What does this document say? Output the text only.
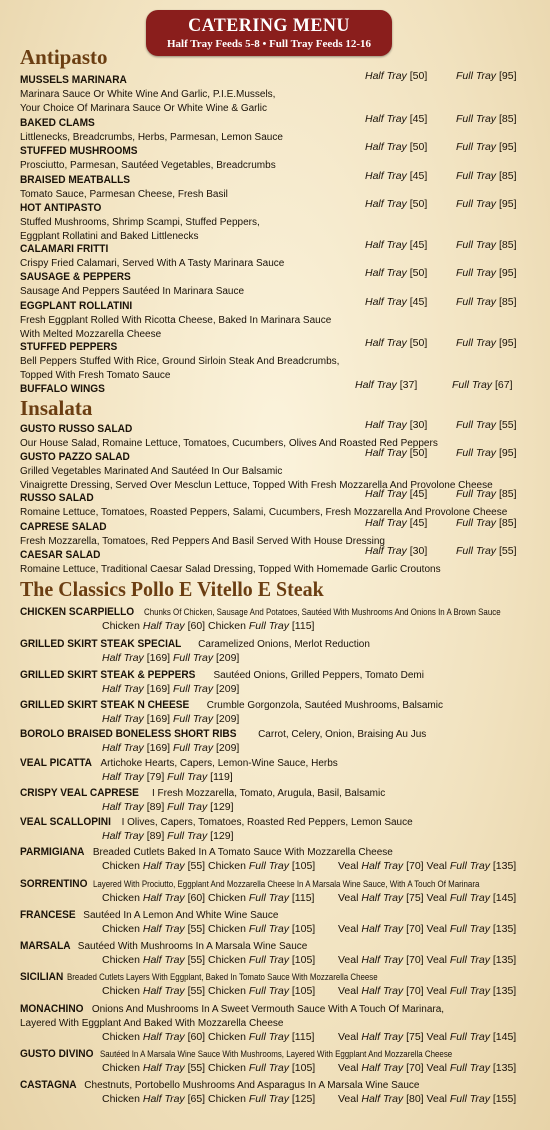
CATERING MENU
Half Tray Feeds 5-8 • Full Tray Feeds 12-16
Antipasto
Insalata
The Classics Pollo E Vitello E Steak
MUSSELS MARINARA	Half Tray [50]	Full Tray [95]
Marinara Sauce Or White Wine And Garlic, P.I.E.Mussels,
Your Choice Of Marinara Sauce Or White Wine & Garlic
BAKED CLAMS	Half Tray [45]	Full Tray [85]
Littlenecks, Breadcrumbs, Herbs, Parmesan, Lemon Sauce
STUFFED MUSHROOMS	Half Tray [50]	Full Tray [95]
Prosciutto, Parmesan, Sautéed Vegetables, Breadcrumbs
BRAISED MEATBALLS	Half Tray [45]	Full Tray [85]
Tomato Sauce, Parmesan Cheese, Fresh Basil
HOT ANTIPASTO	Half Tray [50]	Full Tray [95]
Stuffed Mushrooms, Shrimp Scampi, Stuffed Peppers,
Eggplant Rollatini and Baked Littlenecks
CALAMARI FRITTI	Half Tray [45]	Full Tray [85]
Crispy Fried Calamari, Served With A Tasty Marinara Sauce
SAUSAGE & PEPPERS	Half Tray [50]	Full Tray [95]
Sausage And Peppers Sautéed In Marinara Sauce
EGGPLANT ROLLATINI	Half Tray [45]	Full Tray [85]
Fresh Eggplant Rolled With Ricotta Cheese, Baked In Marinara Sauce
With Melted Mozzarella Cheese
STUFFED PEPPERS	Half Tray [50]	Full Tray [95]
Bell Peppers Stuffed With Rice, Ground Sirloin Steak And Breadcrumbs,
Topped With Fresh Tomato Sauce
BUFFALO WINGS	Half Tray [37]	Full Tray [67]
GUSTO RUSSO SALAD	Half Tray [30]	Full Tray [55]
Our House Salad, Romaine Lettuce, Tomatoes, Cucumbers, Olives And Roasted Red Peppers
GUSTO PAZZO SALAD	Half Tray [50]	Full Tray [95]
Grilled Vegetables Marinated And Sautéed In Our Balsamic
Vinaigrette Dressing, Served Over Mesclun Lettuce, Topped With Fresh Mozzarella And Provolone Cheese
RUSSO SALAD	Half Tray [45]	Full Tray [85]
Romaine Lettuce, Tomatoes, Roasted Peppers, Salami, Cucumbers, Fresh Mozzarella And Provolone Cheese
CAPRESE SALAD	Half Tray [45]	Full Tray [85]
Fresh Mozzarella, Tomatoes, Red Peppers And Basil Served With House Dressing
CAESAR SALAD	Half Tray [30]	Full Tray [55]
Romaine Lettuce, Traditional Caesar Salad Dressing, Topped With Homemade Garlic Croutons
CHICKEN SCARPIELLOChunks Of Chicken, Sausage And Potatoes, Sautéed With Mushrooms And Onions In A Brown Sauce
Chicken Half Tray [60] Chicken Full Tray [115]
GRILLED SKIRT STEAK SPECIAL Caramelized Onions, Merlot Reduction
Half Tray [169] Full Tray [209]
GRILLED SKIRT STEAK & PEPPERS Sautéed Onions, Grilled Peppers, Tomato Demi
Half Tray [169] Full Tray [209]
GRILLED SKIRT STEAK N CHEESE Crumble Gorgonzola, Sautéed Mushrooms, Balsamic
Half Tray [169] Full Tray [209]
BOROLO BRAISED BONELESS SHORT RIBS Carrot, Celery, Onion, Braising Au Jus
Half Tray [169] Full Tray [209]
VEAL PICATTA Artichoke Hearts, Capers, Lemon-Wine Sauce, Herbs
Half Tray [79] Full Tray [119]
CRISPY VEAL CAPRESE I Fresh Mozzarella, Tomato, Arugula, Basil, Balsamic
Half Tray [89] Full Tray [129]
VEAL SCALLOPINI I Olives, Capers, Tomatoes, Roasted Red Peppers, Lemon Sauce
Half Tray [89] Full Tray [129]
PARMIGIANA Breaded Cutlets Baked In A Tomato Sauce With Mozzarella Cheese
Chicken Half Tray [55] Chicken Full Tray [105] Veal Half Tray [70] Veal Full Tray [135]
SORRENTINOLayered With Prociutto, Eggplant And Mozzarella Cheese In A Marsala Wine Sauce, With A Touch Of Marinara
Chicken Half Tray [60] Chicken Full Tray [115] Veal Half Tray [75] Veal Full Tray [145]
FRANCESE Sautéed In A Lemon And White Wine Sauce
Chicken Half Tray [55] Chicken Full Tray [105] Veal Half Tray [70] Veal Full Tray [135]
MARSALA Sautéed With Mushrooms In A Marsala Wine Sauce
Chicken Half Tray [55] Chicken Full Tray [105] Veal Half Tray [70] Veal Full Tray [135]
SICILIANBreaded Cutlets Layers With Eggplant, Baked In Tomato Sauce With Mozzarella Cheese
Chicken Half Tray [55] Chicken Full Tray [105] Veal Half Tray [70] Veal Full Tray [135]
MONACHINO Onions And Mushrooms In A Sweet Vermouth Sauce With A Touch Of Marinara,
Layered With Eggplant And Baked With Mozzarella Cheese
Chicken Half Tray [60] Chicken Full Tray [115] Veal Half Tray [75] Veal Full Tray [145]
GUSTO DIVINOSautéed In A Marsala Wine Sauce With Mushrooms, Layered With Eggplant And Mozzarella Cheese
Chicken Half Tray [55] Chicken Full Tray [105] Veal Half Tray [70] Veal Full Tray [135]
CASTAGNA Chestnuts, Portobello Mushrooms And Asparagus In A Marsala Wine Sauce
Chicken Half Tray [65] Chicken Full Tray [125] Veal Half Tray [80] Veal Full Tray [155]
